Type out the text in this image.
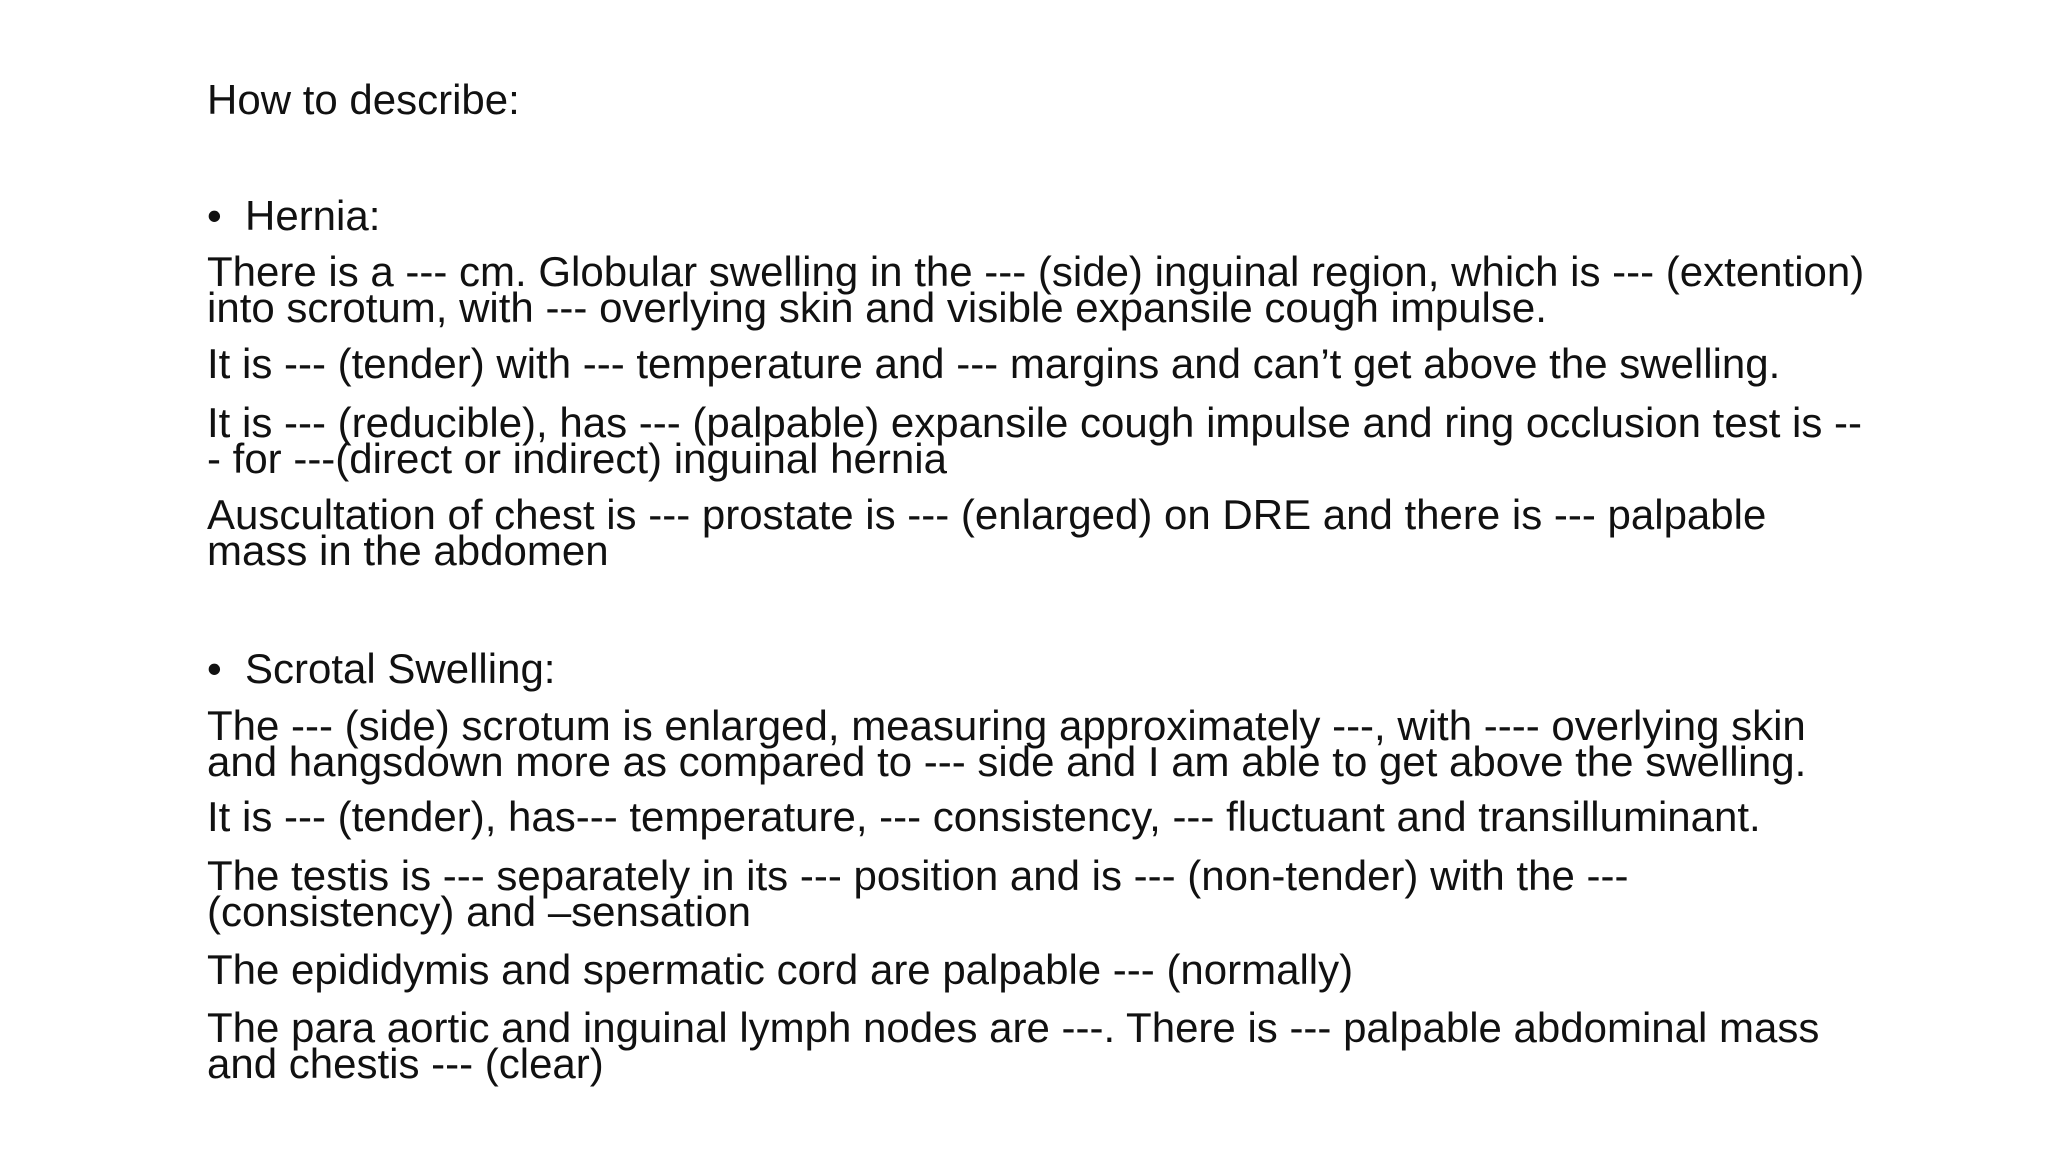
How to describe:
• Hernia:
There is a --- cm. Globular swelling in the --- (side) inguinal region, which is --- (extention)
into scrotum, with --- overlying skin and visible expansile cough impulse.
It is --- (tender) with --- temperature and --- margins and can’t get above the swelling.
It is --- (reducible), has --- (palpable) expansile cough impulse and ring occlusion test is --
- for ---(direct or indirect) inguinal hernia
Auscultation of chest is --- prostate is --- (enlarged) on DRE and there is --- palpable
mass in the abdomen
• Scrotal Swelling:
The --- (side) scrotum is enlarged, measuring approximately ---, with ---- overlying skin
and hangsdown more as compared to --- side and I am able to get above the swelling.
It is --- (tender), has--- temperature, --- consistency, --- fluctuant and transilluminant.
The testis is --- separately in its --- position and is --- (non-tender) with the ---
(consistency) and –sensation
The epididymis and spermatic cord are palpable --- (normally)
The para aortic and inguinal lymph nodes are ---. There is --- palpable abdominal mass
and chestis --- (clear)
